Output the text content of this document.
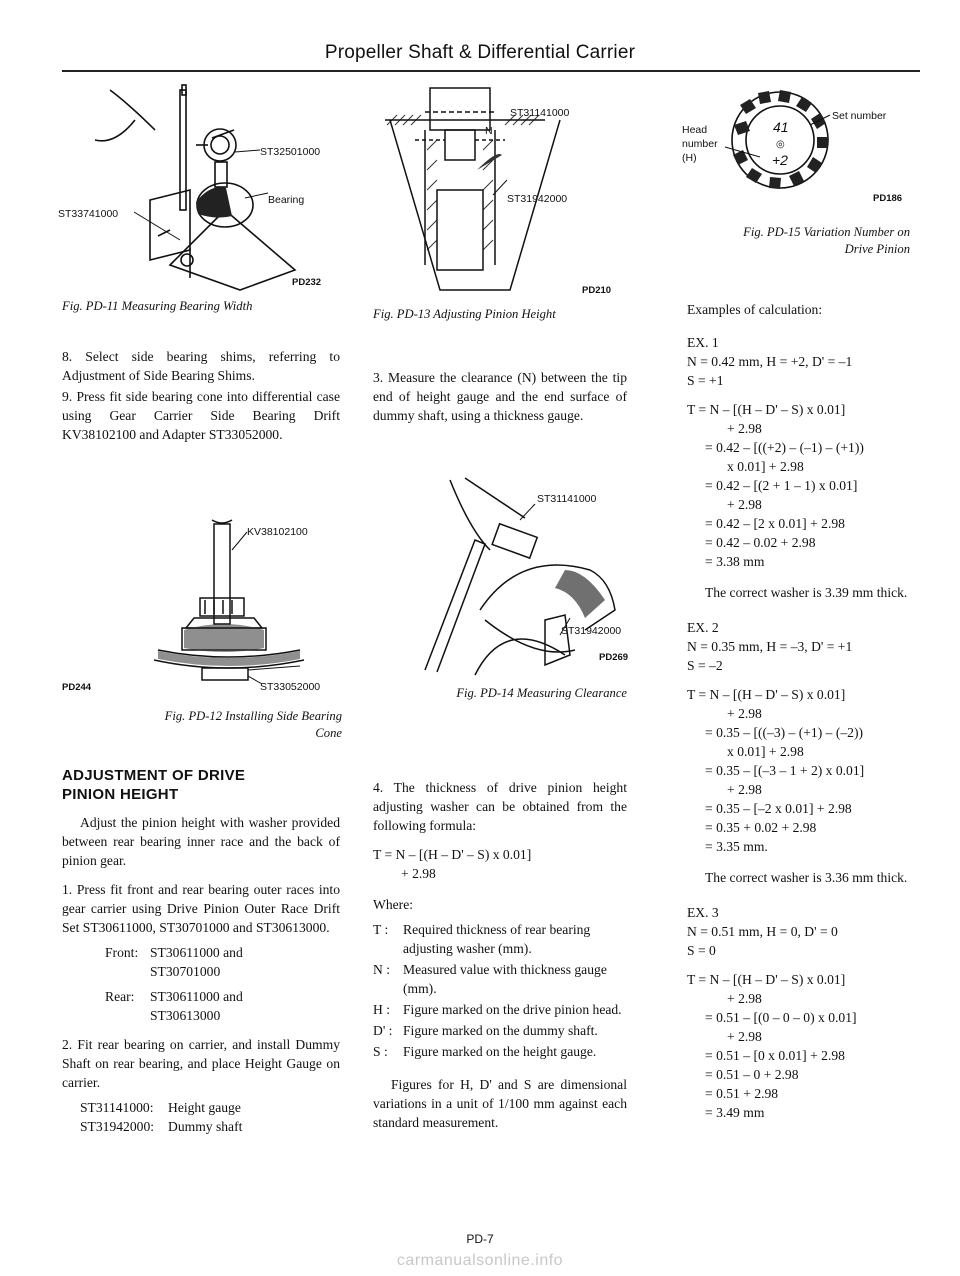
Propeller Shaft & Differential Carrier
ST32501000
Bearing
ST33741000
PD232
Fig. PD-11 Measuring Bearing Width

8. Select side bearing shims, referring to Adjustment of Side Bearing Shims.

9. Press fit side bearing cone into differential case using Gear Carrier Side Bearing Drift KV38102100 and Adapter ST33052000.

KV38102100
ST33052000
PD244
Fig. PD-12 Installing Side Bearing
Cone
ADJUSTMENT OF DRIVE
PINION HEIGHT

Adjust the pinion height with washer provided between rear bearing inner race and the back of pinion gear.

1. Press fit front and rear bearing outer races into gear carrier using Drive Pinion Outer Race Drift Set ST30611000, ST30701000 and ST30613000.

Front: ST30611000 and
ST30701000
Rear:	ST30611000 and
ST30613000

2. Fit rear bearing on carrier, and install Dummy Shaft on rear bearing, and place Height Gauge on carrier.

ST31141000:	Height gauge
ST31942000:	Dummy shaft
ST31141000
N
ST31942000
PD210
Fig. PD-13 Adjusting Pinion Height

3. Measure the clearance (N) between the tip end of height gauge and the end surface of dummy shaft, using a thickness gauge.

ST31141000
ST31942000
PD269
Fig. PD-14 Measuring Clearance

4. The thickness of drive pinion height adjusting washer can be obtained from the following formula:

T = N – [(H – D' – S) x 0.01]
+ 2.98
Where:
T :	Required thickness of rear bearing adjusting washer (mm).
N : Measured value with thickness gauge (mm).
H : Figure marked on the drive pinion head.
D' : Figure marked on the dummy shaft.
S :	Figure marked on the height gauge.

Figures for H, D' and S are dimensional variations in a unit of 1/100 mm against each standard measurement.

41
◎
+2
Head
number
(H)
Set number
PD186
Fig. PD-15 Variation Number on
Drive Pinion
Examples of calculation:
EX. 1
N = 0.42 mm, H = +2, D' = –1
S = +1
T = N – [(H – D' – S) x 0.01]
+ 2.98
= 0.42 – [((+2) – (–1) – (+1))
x 0.01] + 2.98
= 0.42 – [(2 + 1 – 1) x 0.01]
+ 2.98
= 0.42 – [2 x 0.01] + 2.98
= 0.42 – 0.02 + 2.98
= 3.38 mm

The correct washer is 3.39 mm thick.

EX. 2
N = 0.35 mm, H = –3, D' = +1
S = –2
T = N – [(H – D' – S) x 0.01]
+ 2.98
= 0.35 – [((–3) – (+1) – (–2))
x 0.01] + 2.98
= 0.35 – [(–3 – 1 + 2) x 0.01]
+ 2.98
= 0.35 – [–2 x 0.01] + 2.98
= 0.35 + 0.02 + 2.98
= 3.35 mm.

The correct washer is 3.36 mm thick.

EX. 3
N = 0.51 mm, H = 0, D' = 0
S = 0
T = N – [(H – D' – S) x 0.01]
+ 2.98
= 0.51 – [(0 – 0 – 0) x 0.01]
+ 2.98
= 0.51 – [0 x 0.01] + 2.98
= 0.51 – 0 + 2.98
= 0.51 + 2.98
= 3.49 mm
PD-7
carmanualsonline.info
